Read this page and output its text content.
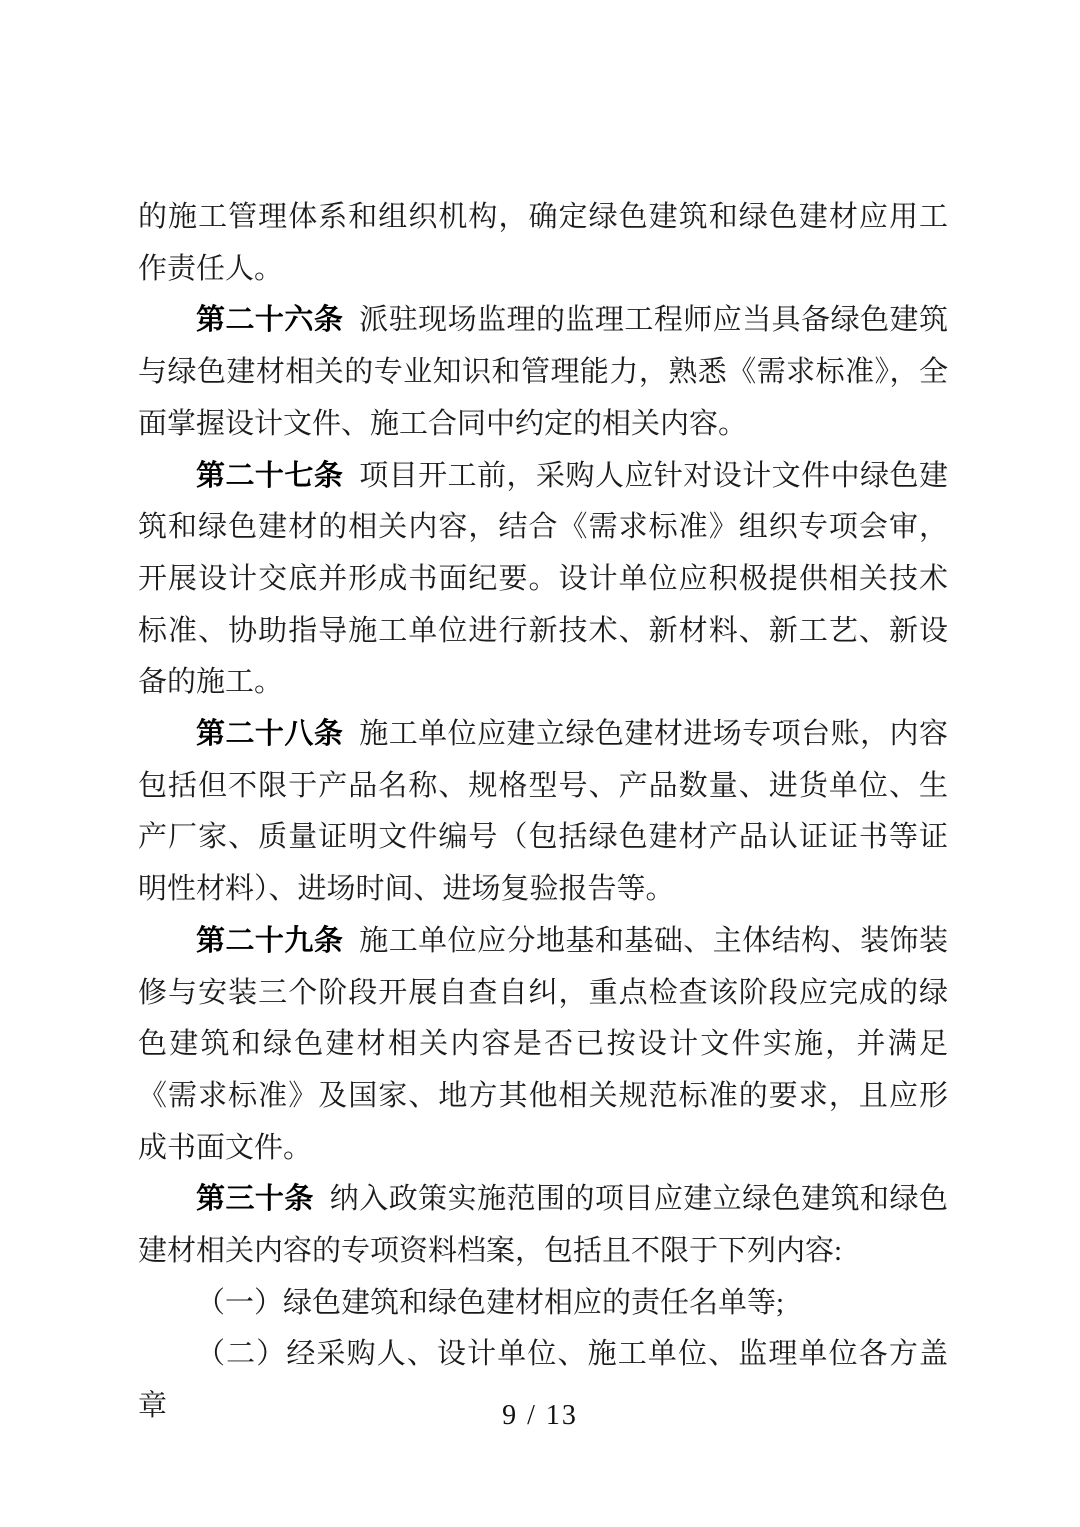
的施工管理体系和组织机构，确定绿色建筑和绿色建材应用工作责任人。

第二十六条 派驻现场监理的监理工程师应当具备绿色建筑与绿色建材相关的专业知识和管理能力，熟悉《需求标准》，全面掌握设计文件、施工合同中约定的相关内容。

第二十七条 项目开工前，采购人应针对设计文件中绿色建筑和绿色建材的相关内容，结合《需求标准》组织专项会审，开展设计交底并形成书面纪要。设计单位应积极提供相关技术标准、协助指导施工单位进行新技术、新材料、新工艺、新设备的施工。

第二十八条 施工单位应建立绿色建材进场专项台账，内容包括但不限于产品名称、规格型号、产品数量、进货单位、生产厂家、质量证明文件编号（包括绿色建材产品认证证书等证明性材料）、进场时间、进场复验报告等。

第二十九条 施工单位应分地基和基础、主体结构、装饰装修与安装三个阶段开展自查自纠，重点检查该阶段应完成的绿色建筑和绿色建材相关内容是否已按设计文件实施，并满足《需求标准》及国家、地方其他相关规范标准的要求，且应形成书面文件。

第三十条 纳入政策实施范围的项目应建立绿色建筑和绿色建材相关内容的专项资料档案，包括且不限于下列内容:

（一）绿色建筑和绿色建材相应的责任名单等;

（二）经采购人、设计单位、施工单位、监理单位各方盖章	9 / 13
